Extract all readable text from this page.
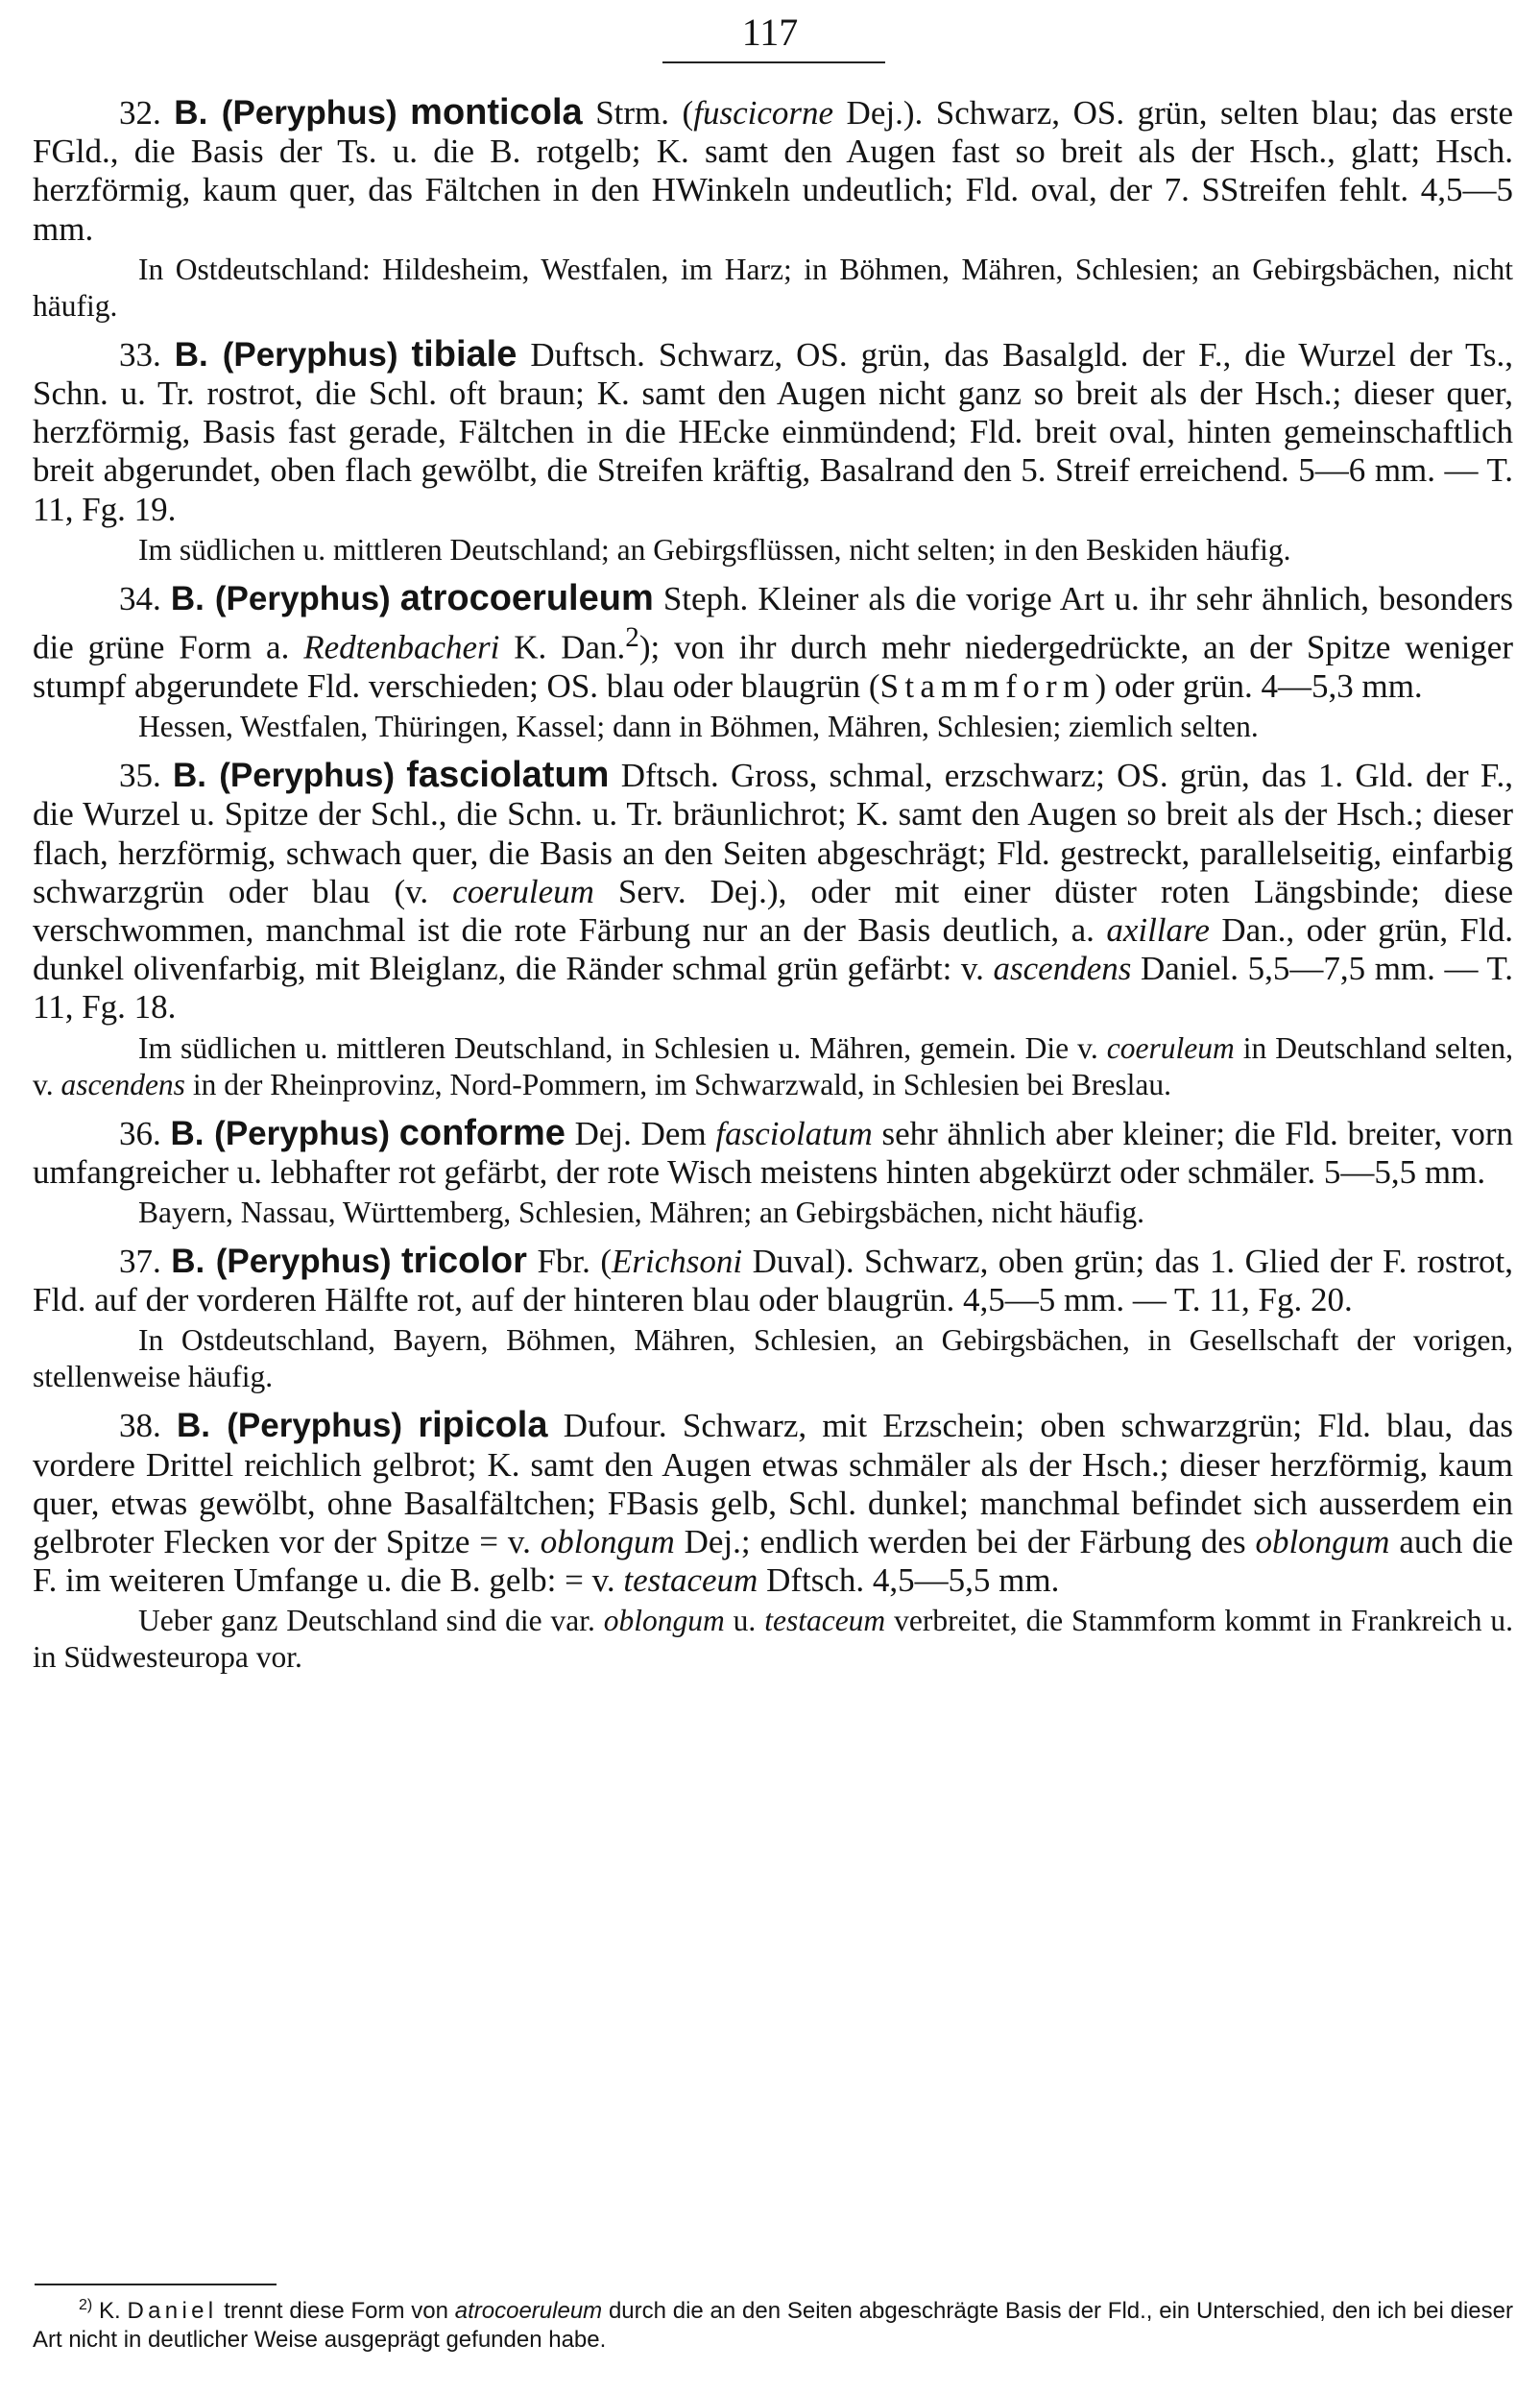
117

32. B. (Peryphus) monticola Strm. (fuscicorne Dej.). Schwarz, OS. grün, selten blau; das erste FGld., die Basis der Ts. u. die B. rotgelb; K. samt den Augen fast so breit als der Hsch., glatt; Hsch. herzförmig, kaum quer, das Fältchen in den HWinkeln undeutlich; Fld. oval, der 7. SStreifen fehlt. 4,5—5 mm.

In Ostdeutschland: Hildesheim, Westfalen, im Harz; in Böhmen, Mähren, Schlesien; an Gebirgsbächen, nicht häufig.

33. B. (Peryphus) tibiale Duftsch. Schwarz, OS. grün, das Basalgld. der F., die Wurzel der Ts., Schn. u. Tr. rostrot, die Schl. oft braun; K. samt den Augen nicht ganz so breit als der Hsch.; dieser quer, herzförmig, Basis fast gerade, Fältchen in die HEcke einmündend; Fld. breit oval, hinten gemeinschaftlich breit abgerundet, oben flach gewölbt, die Streifen kräftig, Basalrand den 5. Streif erreichend. 5—6 mm. — T. 11, Fg. 19.

Im südlichen u. mittleren Deutschland; an Gebirgsflüssen, nicht selten; in den Beskiden häufig.

34. B. (Peryphus) atrocoeruleum Steph. Kleiner als die vorige Art u. ihr sehr ähnlich, besonders die grüne Form a. Redtenbacheri K. Dan.$^2$); von ihr durch mehr niedergedrückte, an der Spitze weniger stumpf abgerundete Fld. verschieden; OS. blau oder blaugrün (Stammform) oder grün. 4—5,3 mm.

Hessen, Westfalen, Thüringen, Kassel; dann in Böhmen, Mähren, Schlesien; ziemlich selten.

35. B. (Peryphus) fasciolatum Dftsch. Gross, schmal, erzschwarz; OS. grün, das 1. Gld. der F., die Wurzel u. Spitze der Schl., die Schn. u. Tr. bräunlichrot; K. samt den Augen so breit als der Hsch.; dieser flach, herzförmig, schwach quer, die Basis an den Seiten abgeschrägt; Fld. gestreckt, parallelseitig, einfarbig schwarzgrün oder blau (v. coeruleum Serv. Dej.), oder mit einer düster roten Längsbinde; diese verschwommen, manchmal ist die rote Färbung nur an der Basis deutlich, a. axillare Dan., oder grün, Fld. dunkel olivenfarbig, mit Bleiglanz, die Ränder schmal grün gefärbt: v. ascendens Daniel. 5,5—7,5 mm. — T. 11, Fg. 18.

Im südlichen u. mittleren Deutschland, in Schlesien u. Mähren, gemein. Die v. coeruleum in Deutschland selten, v. ascendens in der Rheinprovinz, Nord-Pommern, im Schwarzwald, in Schlesien bei Breslau.

36. B. (Peryphus) conforme Dej. Dem fasciolatum sehr ähnlich aber kleiner; die Fld. breiter, vorn umfangreicher u. lebhafter rot gefärbt, der rote Wisch meistens hinten abgekürzt oder schmäler. 5—5,5 mm.

Bayern, Nassau, Württemberg, Schlesien, Mähren; an Gebirgsbächen, nicht häufig.

37. B. (Peryphus) tricolor Fbr. (Erichsoni Duval). Schwarz, oben grün; das 1. Glied der F. rostrot, Fld. auf der vorderen Hälfte rot, auf der hinteren blau oder blaugrün. 4,5—5 mm. — T. 11, Fg. 20.

In Ostdeutschland, Bayern, Böhmen, Mähren, Schlesien, an Gebirgsbächen, in Gesellschaft der vorigen, stellenweise häufig.

38. B. (Peryphus) ripicola Dufour. Schwarz, mit Erzschein; oben schwarzgrün; Fld. blau, das vordere Drittel reichlich gelbrot; K. samt den Augen etwas schmäler als der Hsch.; dieser herzförmig, kaum quer, etwas gewölbt, ohne Basalfältchen; FBasis gelb, Schl. dunkel; manchmal befindet sich ausserdem ein gelbroter Flecken vor der Spitze = v. oblongum Dej.; endlich werden bei der Färbung des oblongum auch die F. im weiteren Umfange u. die B. gelb: = v. testaceum Dftsch. 4,5—5,5 mm.

Ueber ganz Deutschland sind die var. oblongum u. testaceum verbreitet, die Stammform kommt in Frankreich u. in Südwesteuropa vor.

$^{2)}$ K. Daniel trennt diese Form von atrocoeruleum durch die an den Seiten abgeschrägte Basis der Fld., ein Unterschied, den ich bei dieser Art nicht in deutlicher Weise ausgeprägt gefunden habe.
